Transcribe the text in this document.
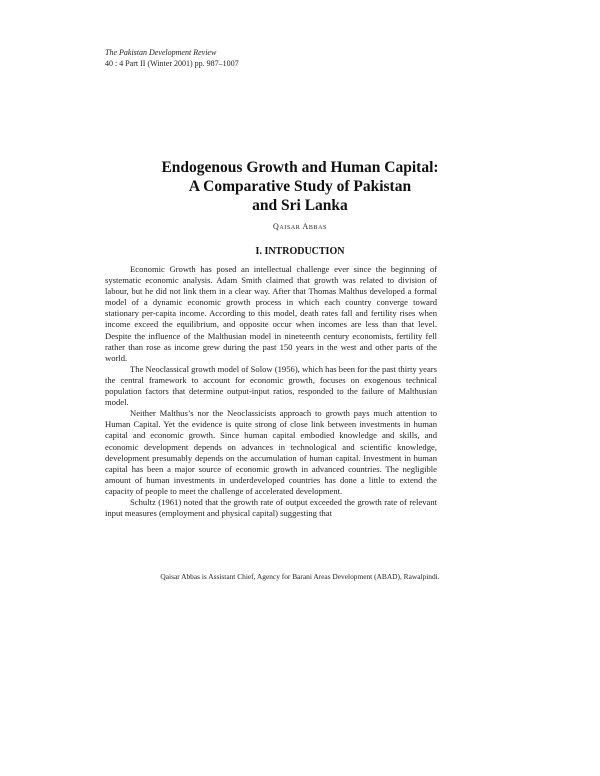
The Pakistan Development Review
40 : 4 Part II (Winter 2001) pp. 987–1007
Endogenous Growth and Human Capital:
A Comparative Study of Pakistan
and Sri Lanka
Qaisar Abbas
I. INTRODUCTION

Economic Growth has posed an intellectual challenge ever since the beginning of systematic economic analysis. Adam Smith claimed that growth was related to division of labour, but he did not link them in a clear way. After that Thomas Malthus developed a formal model of a dynamic economic growth process in which each country converge toward stationary per-capita income. According to this model, death rates fall and fertility rises when income exceed the equilibrium, and opposite occur when incomes are less than that level. Despite the influence of the Malthusian model in nineteenth century economists, fertility fell rather than rose as income grew during the past 150 years in the west and other parts of the world.

The Neoclassical growth model of Solow (1956), which has been for the past thirty years the central framework to account for economic growth, focuses on exogenous technical population factors that determine output-input ratios, responded to the failure of Malthusian model.

Neither Malthus’s nor the Neoclassicists approach to growth pays much attention to Human Capital. Yet the evidence is quite strong of close link between investments in human capital and economic growth. Since human capital embodied knowledge and skills, and economic development depends on advances in technological and scientific knowledge, development presumably depends on the accumulation of human capital. Investment in human capital has been a major source of economic growth in advanced countries. The negligible amount of human investments in underdeveloped countries has done a little to extend the capacity of people to meet the challenge of accelerated development.

Schultz (1961) noted that the growth rate of output exceeded the growth rate of relevant input measures (employment and physical capital) suggesting that

Qaisar Abbas is Assistant Chief, Agency for Barani Areas Development (ABAD), Rawalpindi.
